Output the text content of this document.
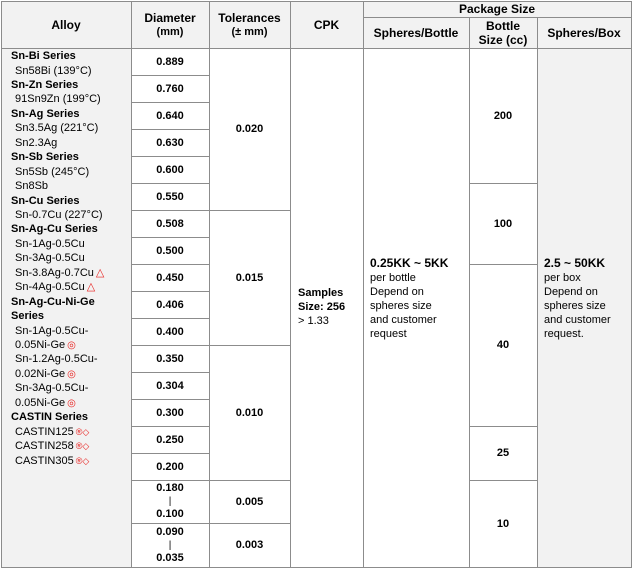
Alloy	Diameter
(mm)
Tolerances
(± mm)	CPK
Package Size
Spheres/Bottle Bottle
Size (cc) Spheres/Box
Sn-Bi Series
Sn58Bi (139°C)
Sn-Zn Series
91Sn9Zn (199°C)
Sn-Ag Series
Sn3.5Ag (221°C)
Sn2.3Ag
Sn-Sb Series
Sn5Sb (245°C)
Sn8Sb
Sn-Cu Series
Sn-0.7Cu (227°C)
Sn-Ag-Cu Series
Sn-1Ag-0.5Cu
Sn-3Ag-0.5Cu
Sn-3.8Ag-0.7Cu △
Sn-4Ag-0.5Cu △
Sn-Ag-Cu-Ni-Ge
Series
Sn-1Ag-0.5Cu-
0.05Ni-Ge ◎
Sn-1.2Ag-0.5Cu-
0.02Ni-Ge ◎
Sn-3Ag-0.5Cu-
0.05Ni-Ge ◎
CASTIN Series
CASTIN125 ®◇
CASTIN258 ®◇
CASTIN305 ®◇
0.889
0.760
0.640
0.630
0.600
0.550
0.508
0.500
0.450
0.406
0.400
0.350
0.304
0.300
0.250
0.200
0.180
|
0.100
0.090
|
0.035
0.020
0.015
0.010
0.005
0.003
Samples
Size: 256
> 1.33
0.25KK ~ 5KK
per bottle
Depend on
spheres size
and customer
request
200
100
40
25
10
2.5 ~ 50KK
per box
Depend on
spheres size
and customer
request.
